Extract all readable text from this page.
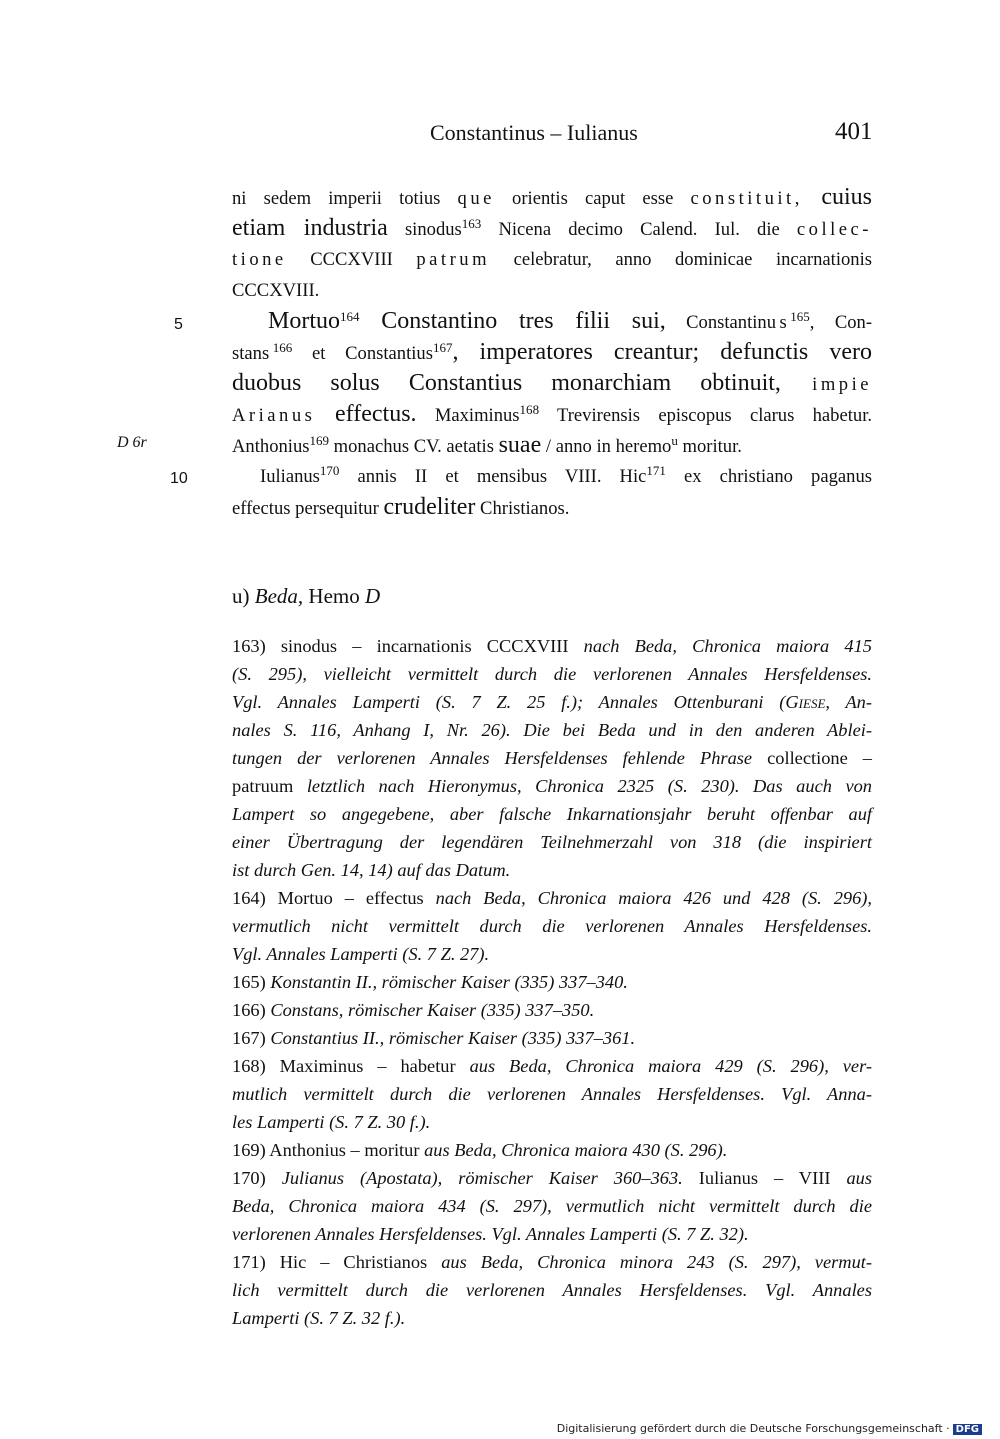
Constantinus – Iulianus	401
5
D 6r
10
ni sedem imperii totius que orientis caput esse constituit, cuius
etiam industria sinodus$^{163}$ Nicena decimo Calend. Iul. die collec-
tione CCCXVIII patrum celebratur, anno dominicae incarnationis
CCCXVIII.
Mortuo$^{164}$ Constantino tres filii sui, Constantinus$^{165}$, Con-
stans$^{166}$ et Constantius$^{167}$, imperatores creantur; defunctis vero
duobus solus Constantius monarchiam obtinuit, impie
Arianus effectus. Maximinus$^{168}$ Trevirensis episcopus clarus habetur.
Anthonius$^{169}$ monachus CV. aetatis suae / anno in heremo$^u$ moritur.
Iulianus$^{170}$ annis II et mensibus VIII. Hic$^{171}$ ex christiano paganus
effectus persequitur crudeliter Christianos.
u) Beda, Hemo D
163) sinodus – incarnationis CCCXVIII nach Beda, Chronica maiora 415
(S. 295), vielleicht vermittelt durch die verlorenen Annales Hersfeldenses.
Vgl. Annales Lamperti (S. 7 Z. 25 f.); Annales Ottenburani (Giese, An-
nales S. 116, Anhang I, Nr. 26). Die bei Beda und in den anderen Ablei-
tungen der verlorenen Annales Hersfeldenses fehlende Phrase collectione –
patruum letztlich nach Hieronymus, Chronica 2325 (S. 230). Das auch von
Lampert so angegebene, aber falsche Inkarnationsjahr beruht offenbar auf
einer Übertragung der legendären Teilnehmerzahl von 318 (die inspiriert
ist durch Gen. 14, 14) auf das Datum.
164) Mortuo – effectus nach Beda, Chronica maiora 426 und 428 (S. 296),
vermutlich nicht vermittelt durch die verlorenen Annales Hersfeldenses.
Vgl. Annales Lamperti (S. 7 Z. 27).
165) Konstantin II., römischer Kaiser (335) 337–340.
166) Constans, römischer Kaiser (335) 337–350.
167) Constantius II., römischer Kaiser (335) 337–361.
168) Maximinus – habetur aus Beda, Chronica maiora 429 (S. 296), ver-
mutlich vermittelt durch die verlorenen Annales Hersfeldenses. Vgl. Anna-
les Lamperti (S. 7 Z. 30 f.).
169) Anthonius – moritur aus Beda, Chronica maiora 430 (S. 296).
170) Julianus (Apostata), römischer Kaiser 360–363. Iulianus – VIII aus
Beda, Chronica maiora 434 (S. 297), vermutlich nicht vermittelt durch die
verlorenen Annales Hersfeldenses. Vgl. Annales Lamperti (S. 7 Z. 32).
171) Hic – Christianos aus Beda, Chronica minora 243 (S. 297), vermut-
lich vermittelt durch die verlorenen Annales Hersfeldenses. Vgl. Annales
Lamperti (S. 7 Z. 32 f.).
Digitalisierung gefördert durch die Deutsche Forschungsgemeinschaft · DFG
